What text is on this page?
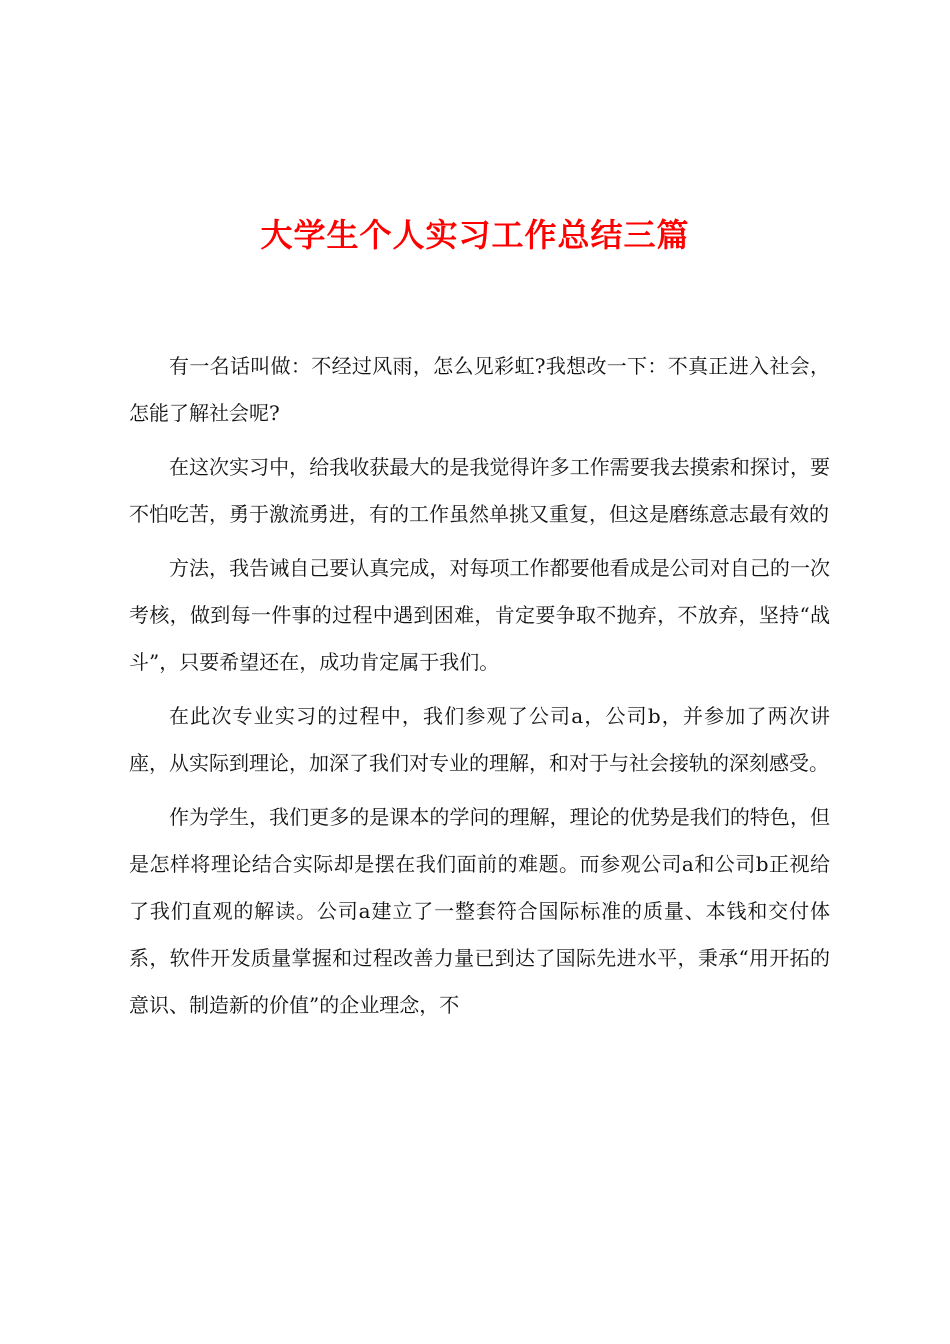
大学生个人实习工作总结三篇

有一名话叫做：不经过风雨，怎么见彩虹?我想改一下：不真正进入社会，怎能了解社会呢?

在这次实习中，给我收获最大的是我觉得许多工作需要我去摸索和探讨，要不怕吃苦，勇于激流勇进，有的工作虽然单挑又重复，但这是磨练意志最有效的

方法，我告诫自己要认真完成，对每项工作都要他看成是公司对自己的一次考核，做到每一件事的过程中遇到困难，肯定要争取不抛弃，不放弃，坚持“战斗”，只要希望还在，成功肯定属于我们。

在此次专业实习的过程中，我们参观了公司a，公司b，并参加了两次讲座，从实际到理论，加深了我们对专业的理解，和对于与社会接轨的深刻感受。

作为学生，我们更多的是课本的学问的理解，理论的优势是我们的特色，但是怎样将理论结合实际却是摆在我们面前的难题。而参观公司a和公司b正视给了我们直观的解读。公司a建立了一整套符合国际标准的质量、本钱和交付体系，软件开发质量掌握和过程改善力量已到达了国际先进水平，秉承“用开拓的意识、制造新的价值”的企业理念，不
